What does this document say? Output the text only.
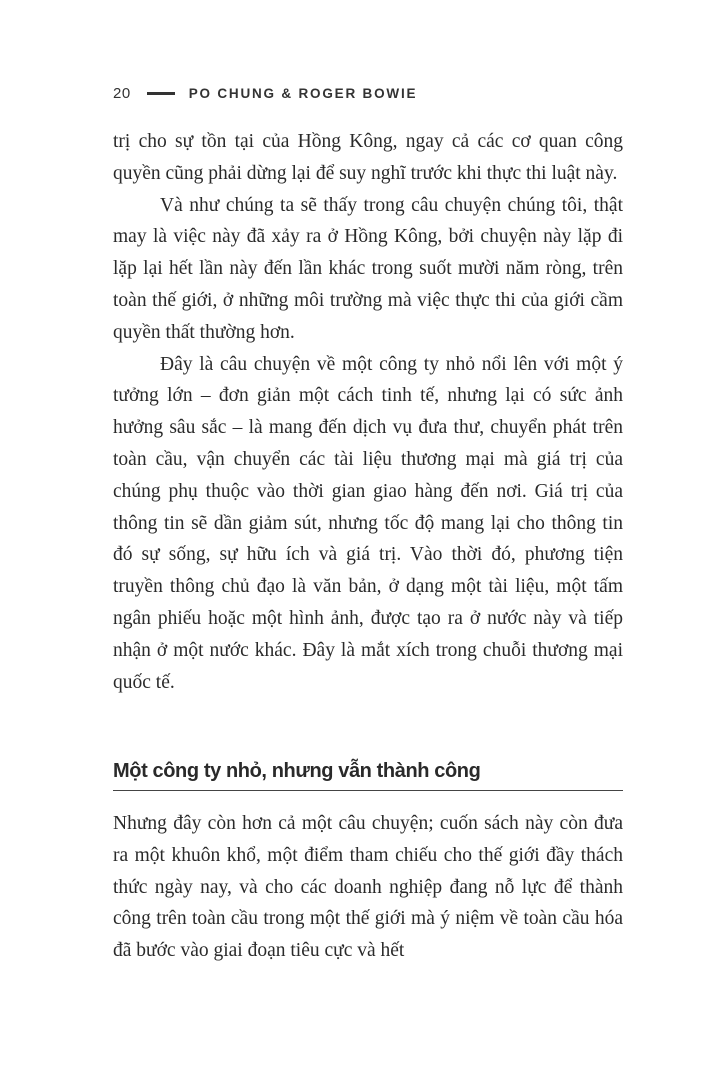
20	PO CHUNG & ROGER BOWIE

trị cho sự tồn tại của Hồng Kông, ngay cả các cơ quan công quyền cũng phải dừng lại để suy nghĩ trước khi thực thi luật này.

Và như chúng ta sẽ thấy trong câu chuyện chúng tôi, thật may là việc này đã xảy ra ở Hồng Kông, bởi chuyện này lặp đi lặp lại hết lần này đến lần khác trong suốt mười năm ròng, trên toàn thế giới, ở những môi trường mà việc thực thi của giới cầm quyền thất thường hơn.

Đây là câu chuyện về một công ty nhỏ nổi lên với một ý tưởng lớn – đơn giản một cách tinh tế, nhưng lại có sức ảnh hưởng sâu sắc – là mang đến dịch vụ đưa thư, chuyển phát trên toàn cầu, vận chuyển các tài liệu thương mại mà giá trị của chúng phụ thuộc vào thời gian giao hàng đến nơi. Giá trị của thông tin sẽ dần giảm sút, nhưng tốc độ mang lại cho thông tin đó sự sống, sự hữu ích và giá trị. Vào thời đó, phương tiện truyền thông chủ đạo là văn bản, ở dạng một tài liệu, một tấm ngân phiếu hoặc một hình ảnh, được tạo ra ở nước này và tiếp nhận ở một nước khác. Đây là mắt xích trong chuỗi thương mại quốc tế.

Một công ty nhỏ, nhưng vẫn thành công

Nhưng đây còn hơn cả một câu chuyện; cuốn sách này còn đưa ra một khuôn khổ, một điểm tham chiếu cho thế giới đầy thách thức ngày nay, và cho các doanh nghiệp đang nỗ lực để thành công trên toàn cầu trong một thế giới mà ý niệm về toàn cầu hóa đã bước vào giai đoạn tiêu cực và hết
